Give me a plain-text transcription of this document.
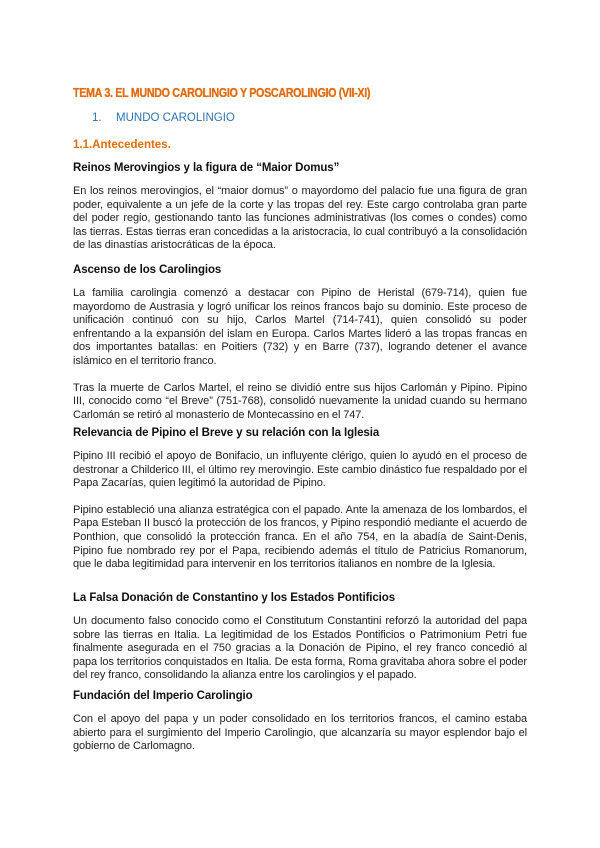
TEMA 3. EL MUNDO CAROLINGIO Y POSCAROLINGIO (VII-XI)
1. MUNDO CAROLINGIO
1.1.Antecedentes.

Reinos Merovingios y la figura de “Maior Domus”

En los reinos merovingios, el “maior domus” o mayordomo del palacio fue una figura de gran poder, equivalente a un jefe de la corte y las tropas del rey. Este cargo controlaba gran parte del poder regio, gestionando tanto las funciones administrativas (los comes o condes) como las tierras. Estas tierras eran concedidas a la aristocracia, lo cual contribuyó a la consolidación de las dinastías aristocráticas de la época.

Ascenso de los Carolingios

La familia carolingia comenzó a destacar con Pipino de Heristal (679-714), quien fue mayordomo de Austrasia y logró unificar los reinos francos bajo su dominio. Este proceso de unificación continuó con su hijo, Carlos Martel (714-741), quien consolidó su poder enfrentando a la expansión del islam en Europa. Carlos Martes lideró a las tropas francas en dos importantes batallas: en Poitiers (732) y en Barre (737), logrando detener el avance islámico en el territorio franco.

Tras la muerte de Carlos Martel, el reino se dividió entre sus hijos Carlomán y Pipino. Pipino III, conocido como “el Breve” (751-768), consolidó nuevamente la unidad cuando su hermano Carlomán se retiró al monasterio de Montecassino en el 747.

Relevancia de Pipino el Breve y su relación con la Iglesia

Pipino III recibió el apoyo de Bonifacio, un influyente clérigo, quien lo ayudó en el proceso de destronar a Childerico III, el último rey merovingio. Este cambio dinástico fue respaldado por el Papa Zacarías, quien legitimó la autoridad de Pipino.

Pipino estableció una alianza estratégica con el papado. Ante la amenaza de los lombardos, el Papa Esteban II buscó la protección de los francos, y Pipino respondió mediante el acuerdo de Ponthion, que consolidó la protección franca. En el año 754, en la abadía de Saint-Denis, Pipino fue nombrado rey por el Papa, recibiendo además el título de Patricius Romanorum, que le daba legitimidad para intervenir en los territorios italianos en nombre de la Iglesia.

La Falsa Donación de Constantino y los Estados Pontificios

Un documento falso conocido como el Constitutum Constantini reforzó la autoridad del papa sobre las tierras en Italia. La legitimidad de los Estados Pontificios o Patrimonium Petri fue finalmente asegurada en el 750 gracias a la Donación de Pipino, el rey franco concedió al papa los territorios conquistados en Italia. De esta forma, Roma gravitaba ahora sobre el poder del rey franco, consolidando la alianza entre los carolingios y el papado.

Fundación del Imperio Carolingio

Con el apoyo del papa y un poder consolidado en los territorios francos, el camino estaba abierto para el surgimiento del Imperio Carolingio, que alcanzaría su mayor esplendor bajo el gobierno de Carlomagno.
